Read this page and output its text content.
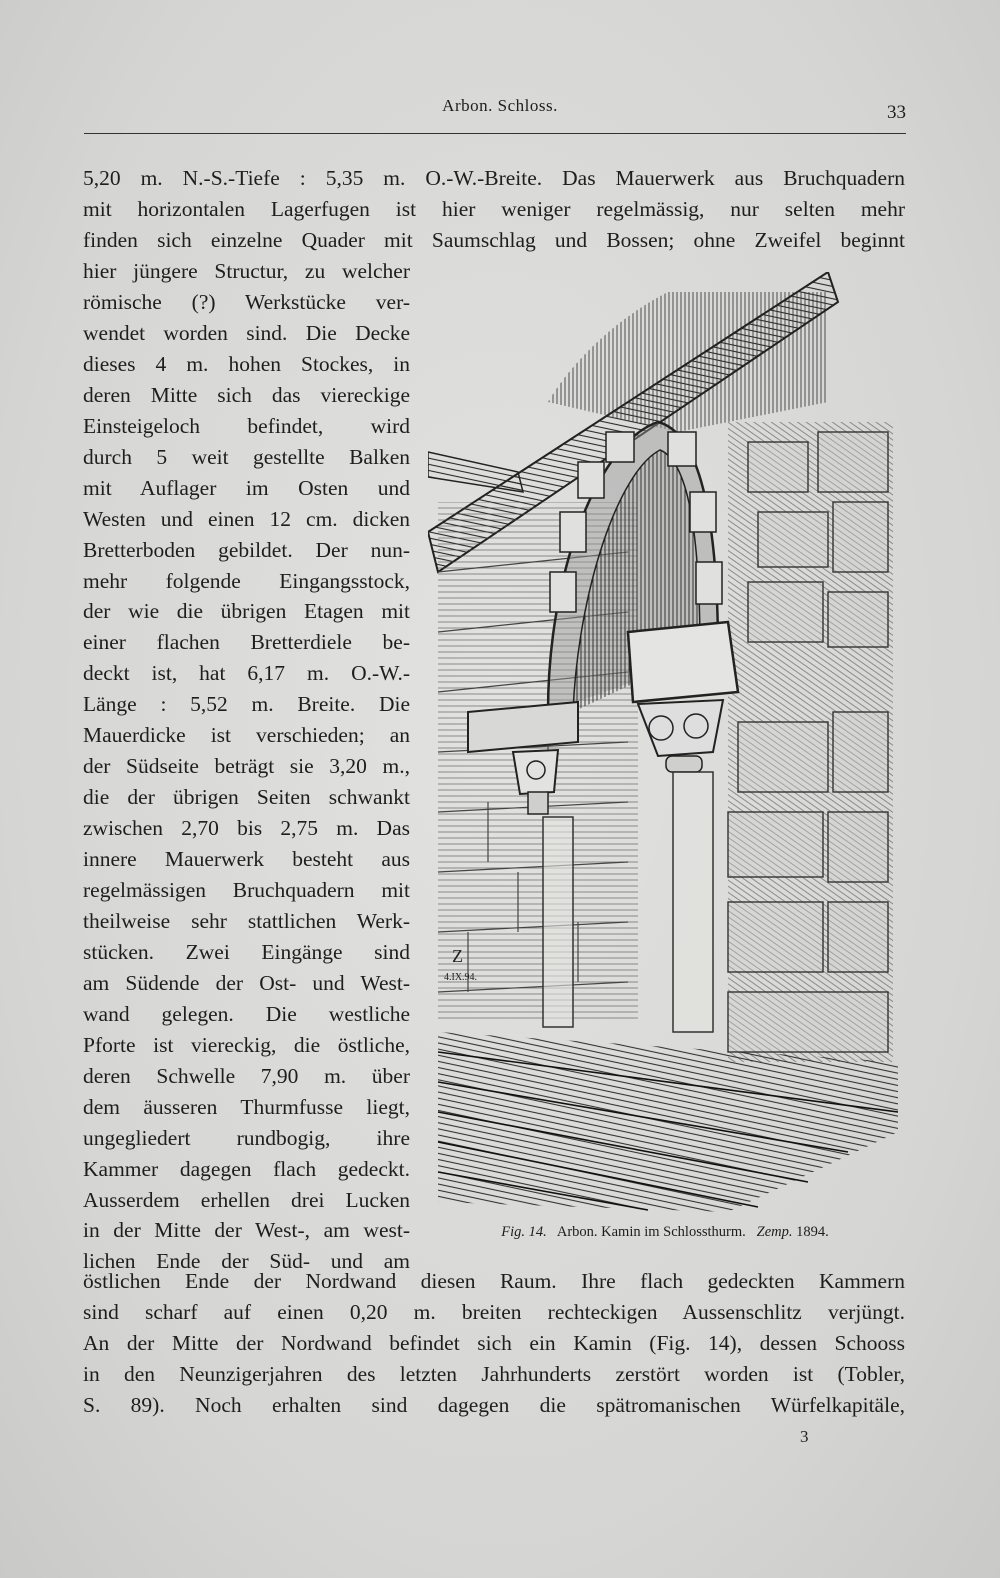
Arbon. Schloss.	33
5,20 m. N.-S.-Tiefe : 5,35 m. O.-W.-Breite. Das Mauerwerk aus Bruchquadern
mit horizontalen Lagerfugen ist hier weniger regelmässig, nur selten mehr
finden sich einzelne Quader mit Saumschlag und Bossen; ohne Zweifel beginnt
hier jüngere Structur, zu welcher
römische (?) Werkstücke ver-
wendet worden sind. Die Decke
dieses 4 m. hohen Stockes, in
deren Mitte sich das viereckige
Einsteigeloch befindet, wird
durch 5 weit gestellte Balken
mit Auflager im Osten und
Westen und einen 12 cm. dicken
Bretterboden gebildet. Der nun-
mehr folgende Eingangsstock,
der wie die übrigen Etagen mit
einer flachen Bretterdiele be-
deckt ist, hat 6,17 m. O.-W.-
Länge : 5,52 m. Breite. Die
Mauerdicke ist verschieden; an
der Südseite beträgt sie 3,20 m.,
die der übrigen Seiten schwankt
zwischen 2,70 bis 2,75 m. Das
innere Mauerwerk besteht aus
regelmässigen Bruchquadern mit
theilweise sehr stattlichen Werk-
stücken. Zwei Eingänge sind
am Südende der Ost- und West-
wand gelegen. Die westliche
Pforte ist viereckig, die östliche,
deren Schwelle 7,90 m. über
dem äusseren Thurmfusse liegt,
ungegliedert rundbogig, ihre
Kammer dagegen flach gedeckt.
Ausserdem erhellen drei Lucken
in der Mitte der West-, am west-
lichen Ende der Süd- und am
östlichen Ende der Nordwand diesen Raum. Ihre flach gedeckten Kammern
sind scharf auf einen 0,20 m. breiten rechteckigen Aussenschlitz verjüngt.
An der Mitte der Nordwand befindet sich ein Kamin (Fig. 14), dessen Schooss
in den Neunzigerjahren des letzten Jahrhunderts zerstört worden ist (Tobler,
S. 89). Noch erhalten sind dagegen die spätromanischen Würfelkapitäle,
Z
4.IX.94.
Fig. 14. Arbon. Kamin im Schlossthurm. Zemp. 1894.
3
